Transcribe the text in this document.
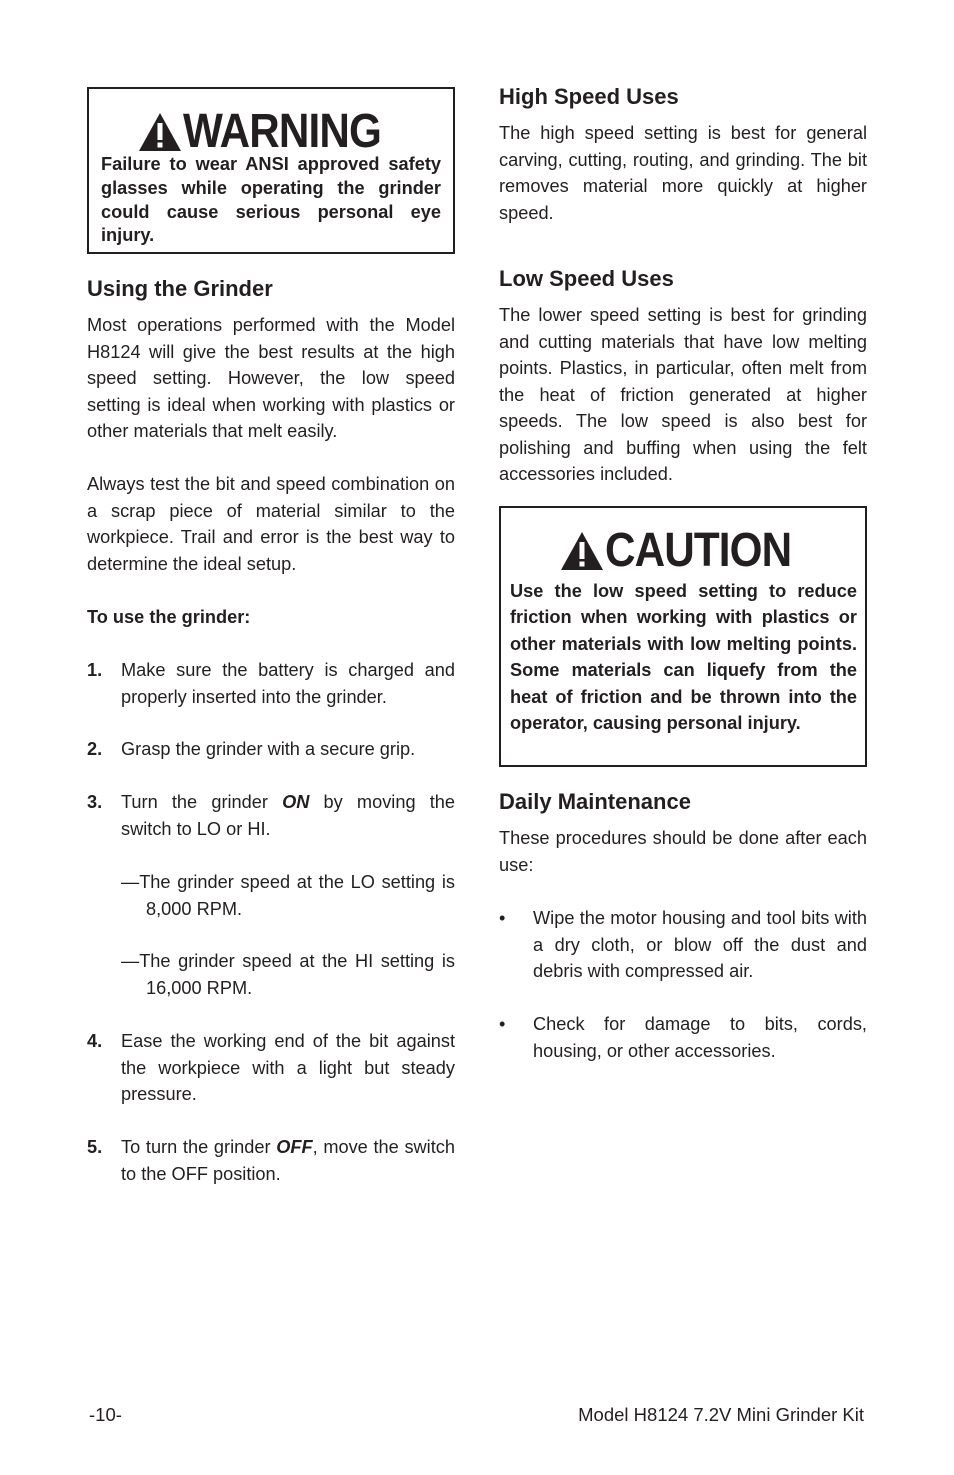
WARNING

Failure to wear ANSI approved safety glasses while operating the grinder could cause serious personal eye injury.

Using the Grinder

Most operations performed with the Model H8124 will give the best results at the high speed setting. However, the low speed setting is ideal when working with plastics or other materials that melt easily.

Always test the bit and speed combination on a scrap piece of material similar to the workpiece. Trail and error is the best way to determine the ideal setup.

To use the grinder:

1. Make sure the battery is charged and properly inserted into the grinder.

2. Grasp the grinder with a secure grip.

3. Turn the grinder ON by moving the switch to LO or HI.

—The grinder speed at the LO setting is 8,000 RPM.

—The grinder speed at the HI setting is 16,000 RPM.

4. Ease the working end of the bit against the workpiece with a light but steady pressure.

5. To turn the grinder OFF, move the switch to the OFF position.

High Speed Uses

The high speed setting is best for general carving, cutting, routing, and grinding. The bit removes material more quickly at higher speed.

Low Speed Uses

The lower speed setting is best for grinding and cutting materials that have low melting points. Plastics, in particular, often melt from the heat of friction generated at higher speeds. The low speed is also best for polishing and buffing when using the felt accessories included.

Daily Maintenance

These procedures should be done after each use:

• Wipe the motor housing and tool bits with a dry cloth, or blow off the dust and debris with compressed air.

• Check for damage to bits, cords, housing, or other accessories.

CAUTION

Use the low speed setting to reduce friction when working with plastics or other materials with low melting points. Some materials can liquefy from the heat of friction and be thrown into the operator, causing personal injury.

-10-	Model H8124 7.2V Mini Grinder Kit
